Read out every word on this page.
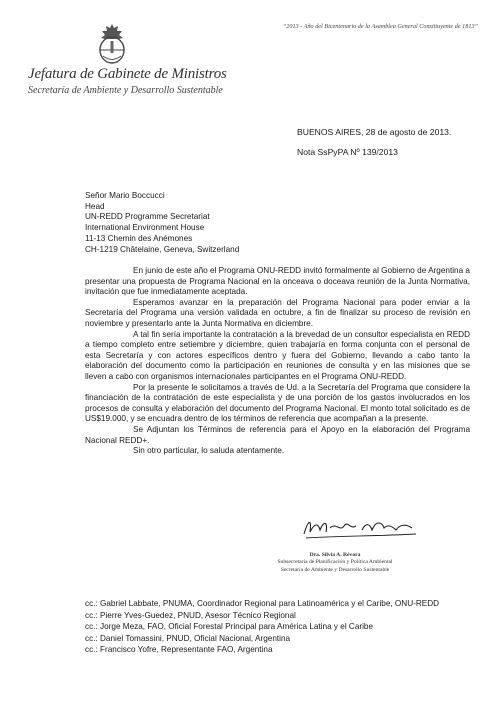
Jefatura de Gabinete de Ministros
Secretaría de Ambiente y Desarrollo Sustentable
“2013 - Año del Bicentenario de la Asamblea General Constituyente de 1813”
BUENOS AIRES, 28 de agosto de 2013.
Nota SsPyPA Nº 139/2013
Señor Mario Boccucci
Head
UN-REDD Programme Secretariat
International Environment House
11-13 Chemin des Anémones
CH-1219 Châtelaine, Geneva, Switzerland

En junio de este año el Programa ONU-REDD invitó formalmente al Gobierno de Argentina a presentar una propuesta de Programa Nacional en la onceava o doceava reunión de la Junta Normativa, invitación que fue inmediatamente aceptada.

Esperamos avanzar en la preparación del Programa Nacional para poder enviar a la Secretaría del Programa una versión validada en octubre, a fin de finalizar su proceso de revisión en noviembre y presentarlo ante la Junta Normativa en diciembre.

A tal fin sería importante la contratación a la brevedad de un consultor especialista en REDD a tiempo completo entre setiembre y diciembre, quien trabajaría en forma conjunta con el personal de esta Secretaría y con actores específicos dentro y fuera del Gobierno, llevando a cabo tanto la elaboración del documento como la participación en reuniones de consulta y en las misiones que se lleven a cabo con organismos internacionales participantes en el Programa ONU-REDD.

Por la presente le solicitamos a través de Ud. a la Secretaría del Programa que considere la financiación de la contratación de este especialista y de una porción de los gastos involucrados en los procesos de consulta y elaboración del documento del Programa Nacional. El monto total solicitado es de US$19.000, y se encuadra dentro de los términos de referencia que acompañan a la presente.

Se Adjuntan los Términos de referencia para el Apoyo en la elaboración del Programa Nacional REDD+.

Sin otro particular, lo saluda atentamente.

Dra. Silvia A. Révora
Subsecretaria de Planificación y Política Ambiental
Secretaría de Ambiente y Desarrollo Sustentable
cc.: Gabriel Labbate, PNUMA, Coordinador Regional para Latinoamérica y el Caribe, ONU-REDD
cc.: Pierre Yves-Guedez, PNUD, Asesor Técnico Regional
cc.: Jorge Meza, FAO, Oficial Forestal Principal para América Latina y el Caribe
cc.: Daniel Tomassini, PNUD, Oficial Nacional, Argentina
cc.: Francisco Yofre, Representante FAO, Argentina
